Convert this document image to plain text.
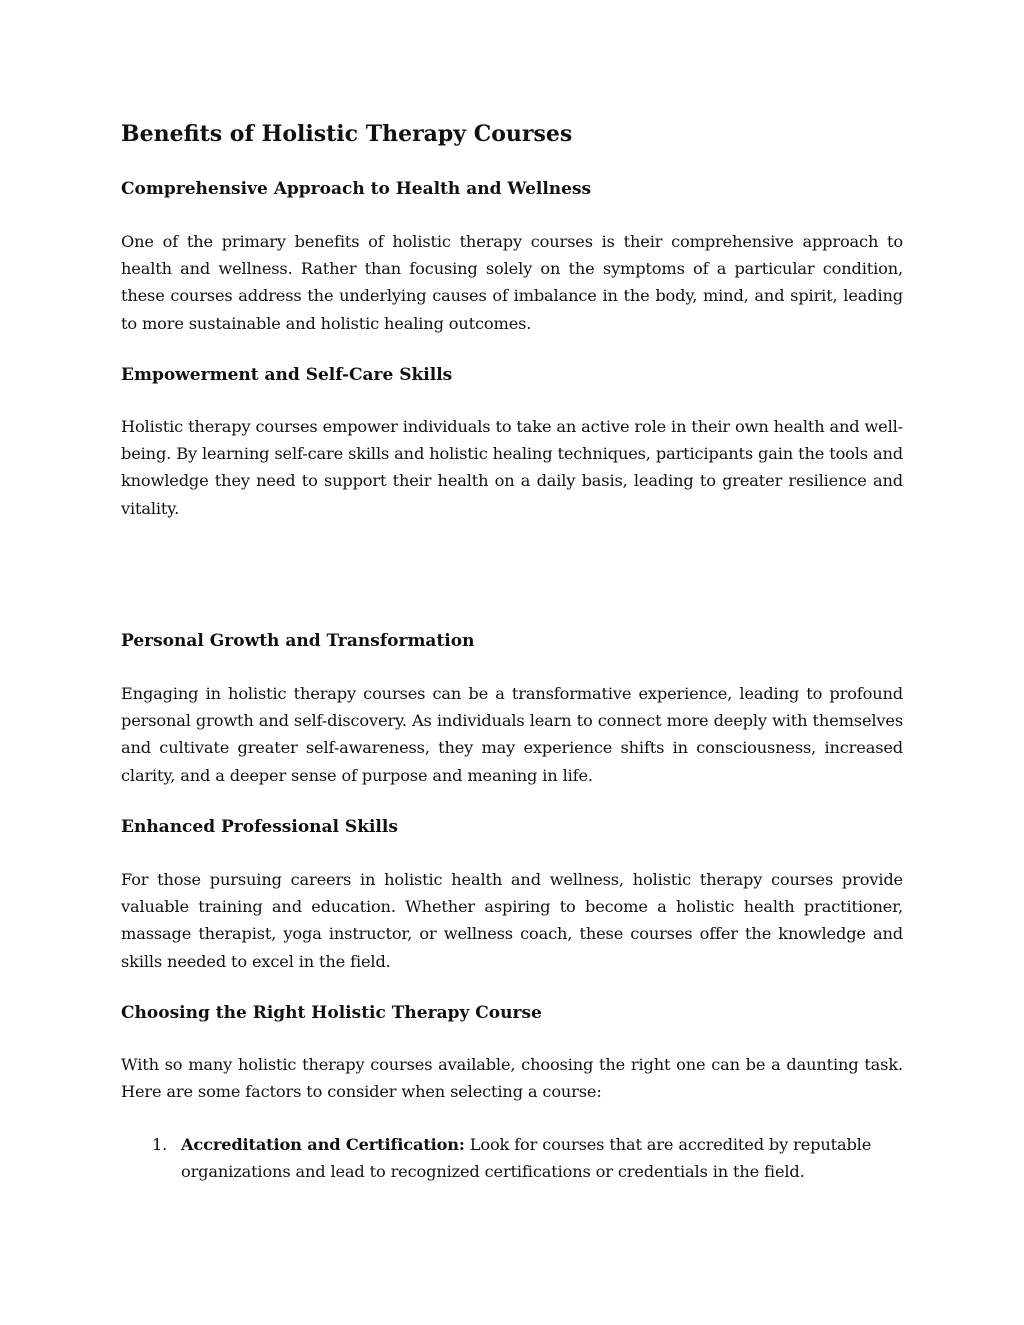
Benefits of Holistic Therapy Courses
Comprehensive Approach to Health and Wellness

One of the primary benefits of holistic therapy courses is their comprehensive approach to health and wellness. Rather than focusing solely on the symptoms of a particular condition, these courses address the underlying causes of imbalance in the body, mind, and spirit, leading to more sustainable and holistic healing outcomes.

Empowerment and Self-Care Skills

Holistic therapy courses empower individuals to take an active role in their own health and well-being. By learning self-care skills and holistic healing techniques, participants gain the tools and knowledge they need to support their health on a daily basis, leading to greater resilience and vitality.

Personal Growth and Transformation

Engaging in holistic therapy courses can be a transformative experience, leading to profound personal growth and self-discovery. As individuals learn to connect more deeply with themselves and cultivate greater self-awareness, they may experience shifts in consciousness, increased clarity, and a deeper sense of purpose and meaning in life.

Enhanced Professional Skills

For those pursuing careers in holistic health and wellness, holistic therapy courses provide valuable training and education. Whether aspiring to become a holistic health practitioner, massage therapist, yoga instructor, or wellness coach, these courses offer the knowledge and skills needed to excel in the field.

Choosing the Right Holistic Therapy Course

With so many holistic therapy courses available, choosing the right one can be a daunting task. Here are some factors to consider when selecting a course:

1. Accreditation and Certification: Look for courses that are accredited by reputable organizations and lead to recognized certifications or credentials in the field.
